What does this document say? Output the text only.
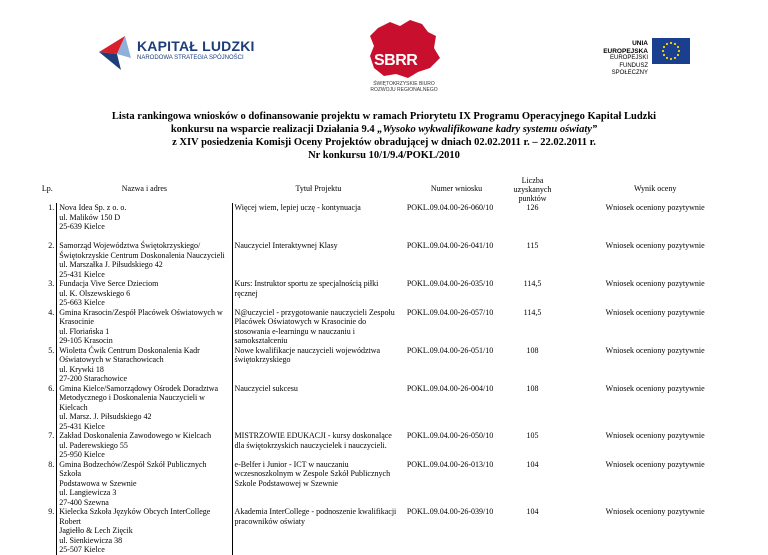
KAPITAŁ LUDZKI
NARODOWA STRATEGIA SPÓJNOŚCI	SBRR
ŚWIĘTOKRZYSKIE BIURO
ROZWOJU REGIONALNEGO
UNIA EUROPEJSKA
EUROPEJSKI
FUNDUSZ SPOŁECZNY
Lista rankingowa wniosków o dofinansowanie projektu w ramach Priorytetu IX Programu Operacyjnego Kapitał Ludzki
konkursu na wsparcie realizacji Działania 9.4 „Wysoko wykwalifikowane kadry systemu oświaty”
z XIV posiedzenia Komisji Oceny Projektów obradującej w dniach 02.02.2011 r. – 22.02.2011 r.
Nr konkursu 10/1/9.4/POKL/2010
Lp.	Nazwa i adres	Tytuł Projektu	Numer wniosku	Liczba
uzyskanych
punktów	Wynik oceny
1.	Nova Idea Sp. z o. o.
ul. Malików 150 D
25-639 Kielce	Więcej wiem, lepiej uczę - kontynuacja	POKL.09.04.00-26-060/10	126	Wniosek oceniony pozytywnie
2.	Samorząd Województwa Świętokrzyskiego/
Świętokrzyskie Centrum Doskonalenia Nauczycieli
ul. Marszałka J. Piłsudskiego 42
25-431 Kielce	Nauczyciel Interaktywnej Klasy	POKL.09.04.00-26-041/10	115	Wniosek oceniony pozytywnie
3.	Fundacja Vive Serce Dzieciom
ul. K. Olszewskiego 6
25-663 Kielce	Kurs: Instruktor sportu ze specjalnością piłki
ręcznej	POKL.09.04.00-26-035/10	114,5	Wniosek oceniony pozytywnie
4.	Gmina Krasocin/Zespół Placówek Oświatowych w
Krasocinie
ul. Floriańska 1
29-105 Krasocin	N@uczyciel - przygotowanie nauczycieli Zespołu
Placówek Oświatowych w Krasocinie do
stosowania e-learningu w nauczaniu i
samokształceniu	POKL.09.04.00-26-057/10	114,5	Wniosek oceniony pozytywnie
5.	Wioletta Ćwik Centrum Doskonalenia Kadr
Oświatowych w Starachowicach
ul. Krywki 18
27-200 Starachowice	Nowe kwalifikacje nauczycieli województwa
świętokrzyskiego	POKL.09.04.00-26-051/10	108	Wniosek oceniony pozytywnie
6.	Gmina Kielce/Samorządowy Ośrodek Doradztwa
Metodycznego i Doskonalenia Nauczycieli w Kielcach
ul. Marsz. J. Piłsudskiego 42
25-431 Kielce	Nauczyciel sukcesu	POKL.09.04.00-26-004/10	108	Wniosek oceniony pozytywnie
7.	Zakład Doskonalenia Zawodowego w Kielcach
ul. Paderewskiego 55
25-950 Kielce	MISTRZOWIE EDUKACJI - kursy doskonalące
dla świętokrzyskich nauczycielek i nauczycieli.	POKL.09.04.00-26-050/10	105	Wniosek oceniony pozytywnie
8.	Gmina Bodzechów/Zespół Szkół Publicznych Szkoła
Podstawowa w Szewnie
ul. Langiewicza 3
27-400 Szewna	e-Belfer i Junior - ICT w nauczaniu
wczesnoszkolnym w Zespole Szkół Publicznych
Szkole Podstawowej w Szewnie	POKL.09.04.00-26-013/10	104	Wniosek oceniony pozytywnie
9.	Kielecka Szkoła Języków Obcych InterCollege Robert
Jagiełło & Lech Zięcik
ul. Sienkiewicza 38
25-507 Kielce	Akademia InterCollege - podnoszenie kwalifikacji
pracowników oświaty	POKL.09.04.00-26-039/10	104	Wniosek oceniony pozytywnie
